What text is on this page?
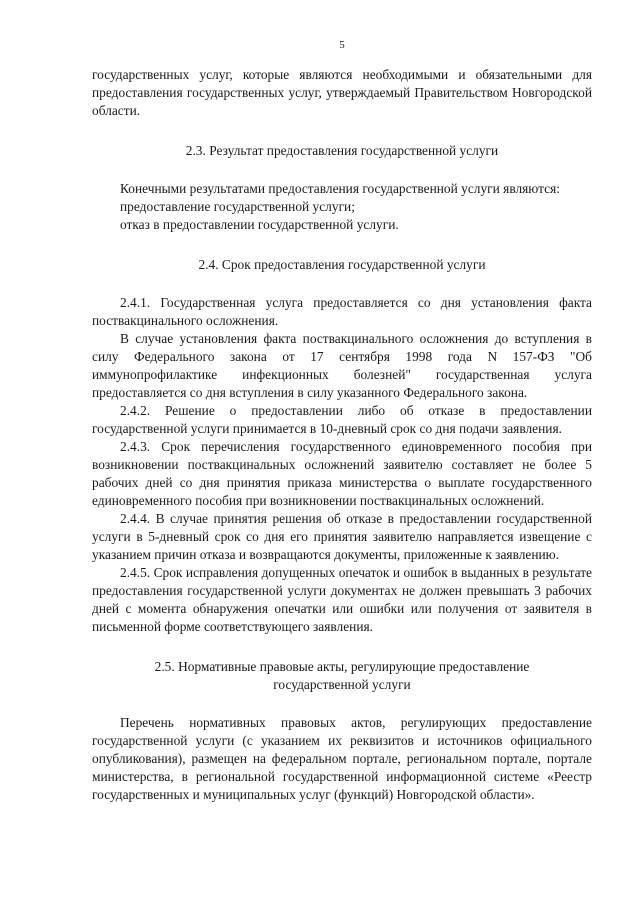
5

государственных услуг, которые являются необходимыми и обязательными для предоставления государственных услуг, утверждаемый Правительством Новгородской области.

2.3. Результат предоставления государственной услуги

Конечными результатами предоставления государственной услуги являются:

предоставление государственной услуги;

отказ в предоставлении государственной услуги.

2.4. Срок предоставления государственной услуги

2.4.1. Государственная услуга предоставляется со дня установления факта поствакцинального осложнения.

В случае установления факта поствакцинального осложнения до вступления в силу Федерального закона от 17 сентября 1998 года N 157-ФЗ "Об иммунопрофилактике инфекционных болезней" государственная услуга предоставляется со дня вступления в силу указанного Федерального закона.

2.4.2. Решение о предоставлении либо об отказе в предоставлении государственной услуги принимается в 10-дневный срок со дня подачи заявления.

2.4.3. Срок перечисления государственного единовременного пособия при возникновении поствакцинальных осложнений заявителю составляет не более 5 рабочих дней со дня принятия приказа министерства о выплате государственного единовременного пособия при возникновении поствакцинальных осложнений.

2.4.4. В случае принятия решения об отказе в предоставлении государственной услуги в 5-дневный срок со дня его принятия заявителю направляется извещение с указанием причин отказа и возвращаются документы, приложенные к заявлению.

2.4.5. Срок исправления допущенных опечаток и ошибок в выданных в результате предоставления государственной услуги документах не должен превышать 3 рабочих дней с момента обнаружения опечатки или ошибки или получения от заявителя в письменной форме соответствующего заявления.

2.5. Нормативные правовые акты, регулирующие предоставление
государственной услуги

Перечень нормативных правовых актов, регулирующих предоставление государственной услуги (с указанием их реквизитов и источников официального опубликования), размещен на федеральном портале, региональном портале, портале министерства, в региональной государственной информационной системе «Реестр государственных и муниципальных услуг (функций) Новгородской области».
